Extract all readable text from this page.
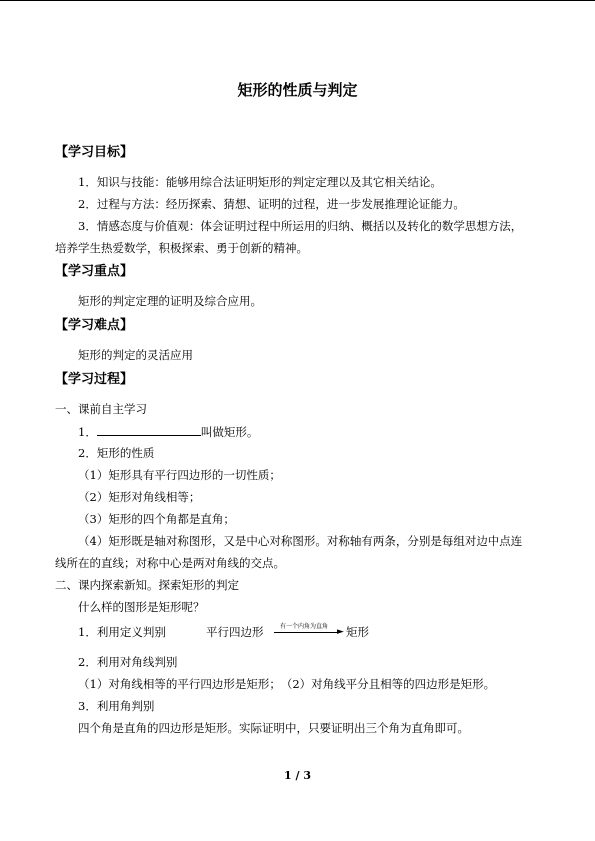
矩形的性质与判定
【学习目标】
1．知识与技能：能够用综合法证明矩形的判定定理以及其它相关结论。
2．过程与方法：经历探索、猜想、证明的过程，进一步发展推理论证能力。
3．情感态度与价值观：体会证明过程中所运用的归纳、概括以及转化的数学思想方法，
培养学生热爱数学，积极探索、勇于创新的精神。
【学习重点】
矩形的判定定理的证明及综合应用。
【学习难点】
矩形的判定的灵活应用
【学习过程】
一、课前自主学习
1．	叫做矩形。
2．矩形的性质
（1）矩形具有平行四边形的一切性质；
（2）矩形对角线相等；
（3）矩形的四个角都是直角；
（4）矩形既是轴对称图形，又是中心对称图形。对称轴有两条，分别是每组对边中点连
线所在的直线；对称中心是两对角线的交点。
二、课内探索新知。探索矩形的判定
什么样的图形是矩形呢？
1．利用定义判别	平行四边形	有一个内角为直角
► 矩形
2．利用对角线判别
（1）对角线相等的平行四边形是矩形；　（2）对角线平分且相等的四边形是矩形。
3．利用角判别
四个角是直角的四边形是矩形。实际证明中，只要证明出三个角为直角即可。
1 / 3
